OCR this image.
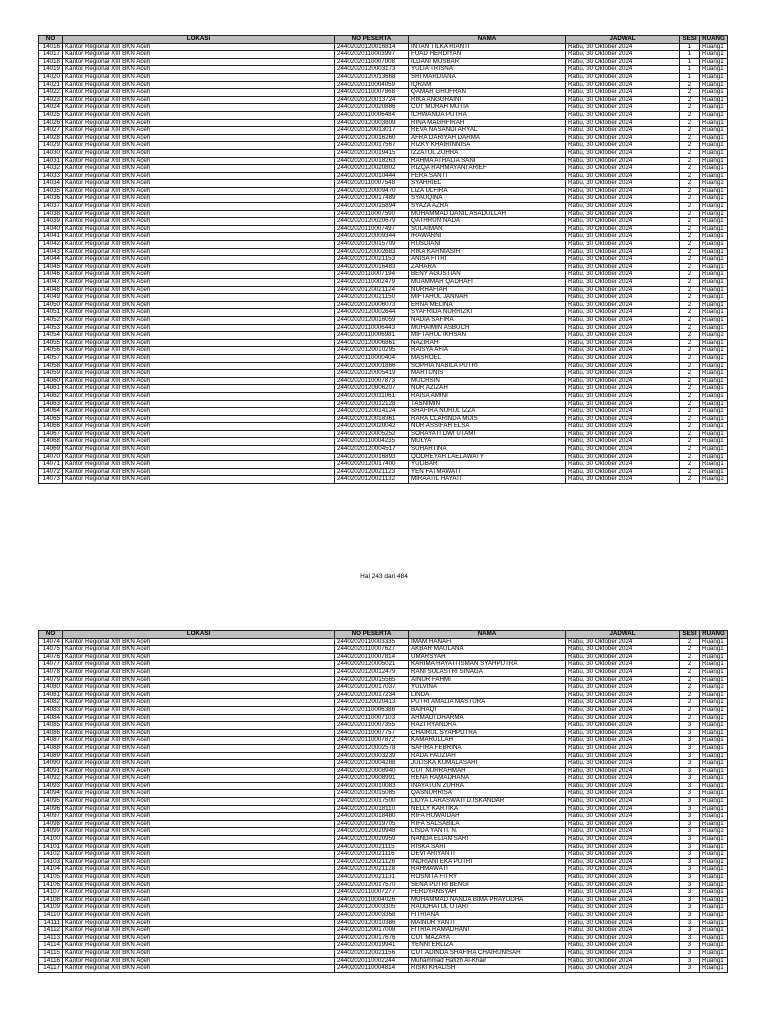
NO	LOKASI	NO PESERTA	NAMA	JADWAL	SESI	RUANG
14016	Kantor Regional XIII BKN Aceh	24402020120016814	INTAN TILKA RIANTI	Rabu, 30 Oktober 2024	1	Ruang1
14017	Kantor Regional XIII BKN Aceh	24402020110003997	FUAD HERDIYAN	Rabu, 30 Oktober 2024	1	Ruang1
14018	Kantor Regional XIII BKN Aceh	24402020110007008	ILDANI MUSBAR	Rabu, 30 Oktober 2024	1	Ruang1
14019	Kantor Regional XIII BKN Aceh	24402020120003173	YULIA TRISNA	Rabu, 30 Oktober 2024	1	Ruang1
14020	Kantor Regional XIII BKN Aceh	24402020120013668	SRI MARDIANA	Rabu, 30 Oktober 2024	1	Ruang1
14021	Kantor Regional XIII BKN Aceh	24402020110004059	IQRAM	Rabu, 30 Oktober 2024	2	Ruang1
14022	Kantor Regional XIII BKN Aceh	24402020110007868	QAMAR GHUFRAN	Rabu, 30 Oktober 2024	2	Ruang1
14023	Kantor Regional XIII BKN Aceh	24402020120013724	RIKA ANGGRAINI	Rabu, 30 Oktober 2024	2	Ruang1
14024	Kantor Regional XIII BKN Aceh	24402020120020886	CUT MURAH MUTIA	Rabu, 30 Oktober 2024	2	Ruang1
14025	Kantor Regional XIII BKN Aceh	24402020110006484	ICHWANDA PUTRA	Rabu, 30 Oktober 2024	2	Ruang1
14026	Kantor Regional XIII BKN Aceh	24402020120003809	RINA MAGHFIRAH	Rabu, 30 Oktober 2024	2	Ruang1
14027	Kantor Regional XIII BKN Aceh	24402020120013017	REVA NASANDI ARYAL	Rabu, 30 Oktober 2024	2	Ruang1
14028	Kantor Regional XIII BKN Aceh	24402020120016260	AFRA DARIYAH DARMA	Rabu, 30 Oktober 2024	2	Ruang1
14029	Kantor Regional XIII BKN Aceh	24402020120017567	RIZKY KHAIRINNISA	Rabu, 30 Oktober 2024	2	Ruang1
14030	Kantor Regional XIII BKN Aceh	24402020120019415	IZZATUL ZUHRA	Rabu, 30 Oktober 2024	2	Ruang1
14031	Kantor Regional XIII BKN Aceh	24402020120018263	RAHMA ATHALIA SANI	Rabu, 30 Oktober 2024	2	Ruang1
14032	Kantor Regional XIII BKN Aceh	24402020120020802	RIZQA RAHMAYANI ARIEF	Rabu, 30 Oktober 2024	2	Ruang1
14033	Kantor Regional XIII BKN Aceh	24402020120010444	FERA SANTI	Rabu, 30 Oktober 2024	2	Ruang1
14034	Kantor Regional XIII BKN Aceh	24402020110007548	SYAHRIEL	Rabu, 30 Oktober 2024	2	Ruang1
14035	Kantor Regional XIII BKN Aceh	24402020120009470	LIZA ULFIRA	Rabu, 30 Oktober 2024	2	Ruang1
14036	Kantor Regional XIII BKN Aceh	24402020120017489	SYAUQINA	Rabu, 30 Oktober 2024	2	Ruang1
14037	Kantor Regional XIII BKN Aceh	24402020120015894	SYAZA AZRA	Rabu, 30 Oktober 2024	2	Ruang1
14038	Kantor Regional XIII BKN Aceh	24402020110007590	MUHAMMAD DANIL ASADULLAH	Rabu, 30 Oktober 2024	2	Ruang1
14039	Kantor Regional XIII BKN Aceh	24402020120020679	QATHRUN NADA	Rabu, 30 Oktober 2024	2	Ruang1
14040	Kantor Regional XIII BKN Aceh	24402020110007497	SULAIMAN	Rabu, 30 Oktober 2024	2	Ruang1
14041	Kantor Regional XIII BKN Aceh	24402020120009344	IRAWARNI	Rabu, 30 Oktober 2024	2	Ruang1
14042	Kantor Regional XIII BKN Aceh	24402020120015709	RUSDIANI	Rabu, 30 Oktober 2024	2	Ruang1
14043	Kantor Regional XIII BKN Aceh	24402020120002683	RIKA KARNIASIH	Rabu, 30 Oktober 2024	2	Ruang1
14044	Kantor Regional XIII BKN Aceh	24402020120021153	ANISA FITRI	Rabu, 30 Oktober 2024	2	Ruang1
14045	Kantor Regional XIII BKN Aceh	24402020120016483	ZAHARA	Rabu, 30 Oktober 2024	2	Ruang1
14046	Kantor Regional XIII BKN Aceh	24402020110007194	BENY AGUSTIAN	Rabu, 30 Oktober 2024	2	Ruang1
14047	Kantor Regional XIII BKN Aceh	24402020110002479	MUAMMAR QADHAFI	Rabu, 30 Oktober 2024	2	Ruang1
14048	Kantor Regional XIII BKN Aceh	24402020120021124	NURHAFIAH	Rabu, 30 Oktober 2024	2	Ruang1
14049	Kantor Regional XIII BKN Aceh	24402020120021150	MIFTAHUL JANNAH	Rabu, 30 Oktober 2024	2	Ruang1
14050	Kantor Regional XIII BKN Aceh	24402020120006073	ERNA MELINA	Rabu, 30 Oktober 2024	2	Ruang1
14051	Kantor Regional XIII BKN Aceh	24402020120002644	SYAFRIDA NURRIZKI	Rabu, 30 Oktober 2024	2	Ruang1
14052	Kantor Regional XIII BKN Aceh	24402020120016059	NADIA SAFIRA	Rabu, 30 Oktober 2024	2	Ruang1
14053	Kantor Regional XIII BKN Aceh	24402020110006443	MUHAIMIN ASBUCH	Rabu, 30 Oktober 2024	2	Ruang1
14054	Kantor Regional XIII BKN Aceh	24402020110006981	MIFTAHUL IKHSAN	Rabu, 30 Oktober 2024	2	Ruang1
14055	Kantor Regional XIII BKN Aceh	24402020120006861	NAZIRAH	Rabu, 30 Oktober 2024	2	Ruang1
14056	Kantor Regional XIII BKN Aceh	24402020120010295	RAISYA AFIA	Rabu, 30 Oktober 2024	2	Ruang1
14057	Kantor Regional XIII BKN Aceh	24402020110000404	MASROEL	Rabu, 30 Oktober 2024	2	Ruang1
14058	Kantor Regional XIII BKN Aceh	24402020120001866	SOPHIA NABILA PUTRI	Rabu, 30 Oktober 2024	2	Ruang1
14059	Kantor Regional XIII BKN Aceh	24402020120005419	MARTUNIS	Rabu, 30 Oktober 2024	2	Ruang1
14060	Kantor Regional XIII BKN Aceh	24402020110007873	MUCHSIN	Rabu, 30 Oktober 2024	2	Ruang1
14061	Kantor Regional XIII BKN Aceh	24402020120006207	NUR AZIZAH	Rabu, 30 Oktober 2024	2	Ruang1
14062	Kantor Regional XIII BKN Aceh	24402020120011061	RAISA AMINI	Rabu, 30 Oktober 2024	2	Ruang1
14063	Kantor Regional XIII BKN Aceh	24402020120012128	TASNIMIN	Rabu, 30 Oktober 2024	2	Ruang1
14064	Kantor Regional XIII BKN Aceh	24402020120014124	SHAFIRA NURUL IZZA	Rabu, 30 Oktober 2024	2	Ruang1
14065	Kantor Regional XIII BKN Aceh	24402020120018361	RARA CLARINDA MUIS	Rabu, 30 Oktober 2024	2	Ruang1
14066	Kantor Regional XIII BKN Aceh	24402020120020042	NUR ASSIFAH ELSA	Rabu, 30 Oktober 2024	2	Ruang1
14067	Kantor Regional XIII BKN Aceh	24402020120005252	SORAYATI DWI UTAMI	Rabu, 30 Oktober 2024	2	Ruang1
14068	Kantor Regional XIII BKN Aceh	24402020110004235	MULYA	Rabu, 30 Oktober 2024	2	Ruang1
14069	Kantor Regional XIII BKN Aceh	24402020120004517	SUHARTINA	Rabu, 30 Oktober 2024	2	Ruang1
14070	Kantor Regional XIII BKN Aceh	24402020120016893	QODREYAH LAELAWATY	Rabu, 30 Oktober 2024	2	Ruang1
14071	Kantor Regional XIII BKN Aceh	24402020120017400	YULIBAR	Rabu, 30 Oktober 2024	2	Ruang1
14072	Kantor Regional XIII BKN Aceh	24402020120021123	YEN FATMAWATI	Rabu, 30 Oktober 2024	2	Ruang1
14073	Kantor Regional XIII BKN Aceh	24402020120021132	MIRAATIL HAYATI	Rabu, 30 Oktober 2024	2	Ruang1
Hal 243 dari 484
NO	LOKASI	NO PESERTA	NAMA	JADWAL	SESI	RUANG
14074	Kantor Regional XIII BKN Aceh	24402020110003335	IMAM HANAFI	Rabu, 30 Oktober 2024	2	Ruang1
14075	Kantor Regional XIII BKN Aceh	24402020110007627	AKBAR MAULANA	Rabu, 30 Oktober 2024	2	Ruang1
14076	Kantor Regional XIII BKN Aceh	24402020110007814	UMARSYAH	Rabu, 30 Oktober 2024	2	Ruang1
14077	Kantor Regional XIII BKN Aceh	24402020120005021	KARIMA HAYATI ISMAN SYAHPUTRA	Rabu, 30 Oktober 2024	2	Ruang1
14078	Kantor Regional XIII BKN Aceh	24402020120012479	RANI SULASTRI SINAGA	Rabu, 30 Oktober 2024	2	Ruang1
14079	Kantor Regional XIII BKN Aceh	24402020120015565	AINUR FAHMI	Rabu, 30 Oktober 2024	2	Ruang1
14080	Kantor Regional XIII BKN Aceh	24402020120017037	YULVINA	Rabu, 30 Oktober 2024	2	Ruang1
14081	Kantor Regional XIII BKN Aceh	24402020120017234	LINDA	Rabu, 30 Oktober 2024	2	Ruang1
14082	Kantor Regional XIII BKN Aceh	24402020120020413	PUTRI AMALIA MASTURA	Rabu, 30 Oktober 2024	2	Ruang1
14083	Kantor Regional XIII BKN Aceh	24402020110006386	BAIHAQI	Rabu, 30 Oktober 2024	2	Ruang1
14084	Kantor Regional XIII BKN Aceh	24402020110007103	AHMADI DHARMA	Rabu, 30 Oktober 2024	2	Ruang1
14085	Kantor Regional XIII BKN Aceh	24402020110007355	RAZI RYANDRA	Rabu, 30 Oktober 2024	3	Ruang1
14086	Kantor Regional XIII BKN Aceh	24402020110007757	CHAIRUL SYAHPUTRA	Rabu, 30 Oktober 2024	3	Ruang1
14087	Kantor Regional XIII BKN Aceh	24402020110007872	KAMARULLAH	Rabu, 30 Oktober 2024	3	Ruang1
14088	Kantor Regional XIII BKN Aceh	24402020120002578	SAFIRA FEBRINA	Rabu, 30 Oktober 2024	3	Ruang1
14089	Kantor Regional XIII BKN Aceh	24402020120003239	RADA FAUZIAH	Rabu, 30 Oktober 2024	3	Ruang1
14090	Kantor Regional XIII BKN Aceh	24402020120004288	JULISKA KUMALASARI	Rabu, 30 Oktober 2024	3	Ruang1
14091	Kantor Regional XIII BKN Aceh	24402020120008940	CUT NURRAHMAH	Rabu, 30 Oktober 2024	3	Ruang1
14092	Kantor Regional XIII BKN Aceh	24402020120008991	RENA RAMADHANA	Rabu, 30 Oktober 2024	3	Ruang1
14093	Kantor Regional XIII BKN Aceh	24402020120010083	INAYATUN ZUHRA	Rabu, 30 Oktober 2024	3	Ruang1
14094	Kantor Regional XIII BKN Aceh	24402020120015085	QASNURRISA	Rabu, 30 Oktober 2024	3	Ruang1
14095	Kantor Regional XIII BKN Aceh	24402020120017500	LIDYA LARASWATI D.ISKANDAR	Rabu, 30 Oktober 2024	3	Ruang1
14096	Kantor Regional XIII BKN Aceh	24402020120018110	NELLY KARTIKA	Rabu, 30 Oktober 2024	3	Ruang1
14097	Kantor Regional XIII BKN Aceh	24402020120018480	RIFA HUWAIDAH	Rabu, 30 Oktober 2024	3	Ruang1
14098	Kantor Regional XIII BKN Aceh	24402020120019705	RIFA SALSABILA	Rabu, 30 Oktober 2024	3	Ruang1
14099	Kantor Regional XIII BKN Aceh	24402020120020948	LISDA YANTI. N.	Rabu, 30 Oktober 2024	3	Ruang1
14100	Kantor Regional XIII BKN Aceh	24402020120020959	NANDA ELIAN SARI	Rabu, 30 Oktober 2024	3	Ruang1
14101	Kantor Regional XIII BKN Aceh	24402020120021115	RISKA SARI	Rabu, 30 Oktober 2024	3	Ruang1
14102	Kantor Regional XIII BKN Aceh	24402020120021116	DEVI ARIYANTI	Rabu, 30 Oktober 2024	3	Ruang1
14103	Kantor Regional XIII BKN Aceh	24402020120021126	INDRIANI EKA PUTRI	Rabu, 30 Oktober 2024	3	Ruang1
14104	Kantor Regional XIII BKN Aceh	24402020120021128	RAHMAWATI	Rabu, 30 Oktober 2024	3	Ruang1
14105	Kantor Regional XIII BKN Aceh	24402020120021131	ROSNITA FITRY	Rabu, 30 Oktober 2024	3	Ruang1
14106	Kantor Regional XIII BKN Aceh	24402020120017570	SENA PUTRI BENGI	Rabu, 30 Oktober 2024	3	Ruang1
14107	Kantor Regional XIII BKN Aceh	24402020110007277	FERDYANSYAH	Rabu, 30 Oktober 2024	3	Ruang1
14108	Kantor Regional XIII BKN Aceh	24402020110004026	MUHAMMAD NANDA BIMA PRAYUDHA	Rabu, 30 Oktober 2024	3	Ruang1
14109	Kantor Regional XIII BKN Aceh	24402020120003305	RAUDHATUL UTARI	Rabu, 30 Oktober 2024	3	Ruang1
14110	Kantor Regional XIII BKN Aceh	24402020120003358	FITRIANA	Rabu, 30 Oktober 2024	3	Ruang1
14111	Kantor Regional XIII BKN Aceh	24402020120010386	MAINUR YANTI	Rabu, 30 Oktober 2024	3	Ruang1
14112	Kantor Regional XIII BKN Aceh	24402020120017008	FITRIA RAMADHANI	Rabu, 30 Oktober 2024	3	Ruang1
14113	Kantor Regional XIII BKN Aceh	24402020120017676	CUT MAZAYA	Rabu, 30 Oktober 2024	3	Ruang1
14114	Kantor Regional XIII BKN Aceh	24402020120019941	YENNI ERLIZA	Rabu, 30 Oktober 2024	3	Ruang1
14115	Kantor Regional XIII BKN Aceh	24402020120021156	CUT ADINDA SHAFIRA CHAIRUNISAH	Rabu, 30 Oktober 2024	3	Ruang1
14116	Kantor Regional XIII BKN Aceh	24402020110002244	Muhammad Hafizh Al-Khair	Rabu, 30 Oktober 2024	3	Ruang1
14117	Kantor Regional XIII BKN Aceh	24402020110004814	RISKI KHALISH	Rabu, 30 Oktober 2024	3	Ruang1
